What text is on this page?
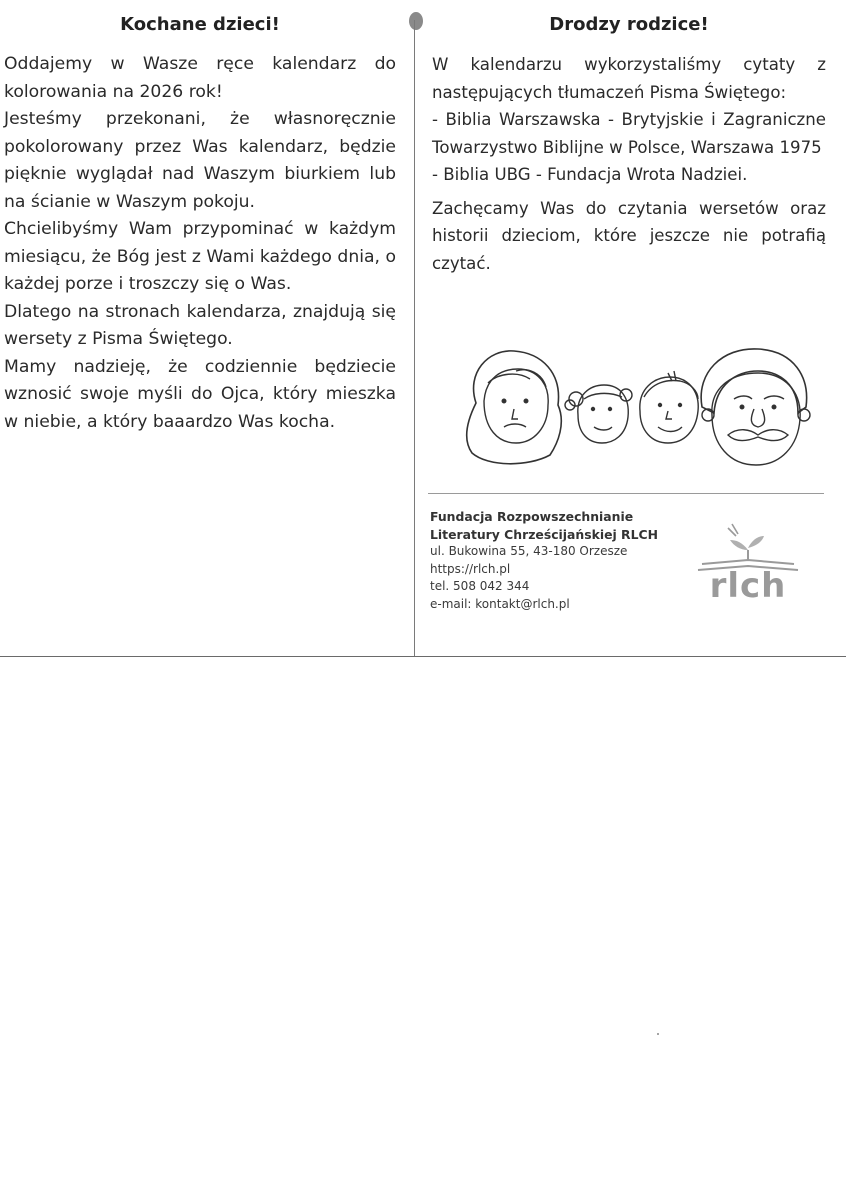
Kochane dzieci!

Oddajemy w Wasze ręce kalendarz do kolorowania na 2026 rok!

Jesteśmy przekonani, że własnoręcznie pokolorowany przez Was kalendarz, będzie pięknie wyglądał nad Waszym biurkiem lub na ścianie w Waszym pokoju.

Chcielibyśmy Wam przypominać w każdym miesiącu, że Bóg jest z Wami każdego dnia, o każdej porze i troszczy się o Was.

Dlatego na stronach kalendarza, znajdują się wersety z Pisma Świętego.

Mamy nadzieję, że codziennie będziecie wznosić swoje myśli do Ojca, który mieszka w niebie, a który baaardzo Was kocha.

Drodzy rodzice!

W kalendarzu wykorzystaliśmy cytaty z następujących tłumaczeń Pisma Świętego:

- Biblia Warszawska - Brytyjskie i Zagraniczne Towarzystwo Biblijne w Polsce, Warszawa 1975

- Biblia UBG - Fundacja Wrota Nadziei.

Zachęcamy Was do czytania wersetów oraz historii dzieciom, które jeszcze nie potrafią czytać.

Fundacja Rozpowszechnianie
Literatury Chrześcijańskiej RLCH
ul. Bukowina 55, 43-180 Orzesze
https://rlch.pl
tel. 508 042 344
e-mail: kontakt@rlch.pl	rlch
